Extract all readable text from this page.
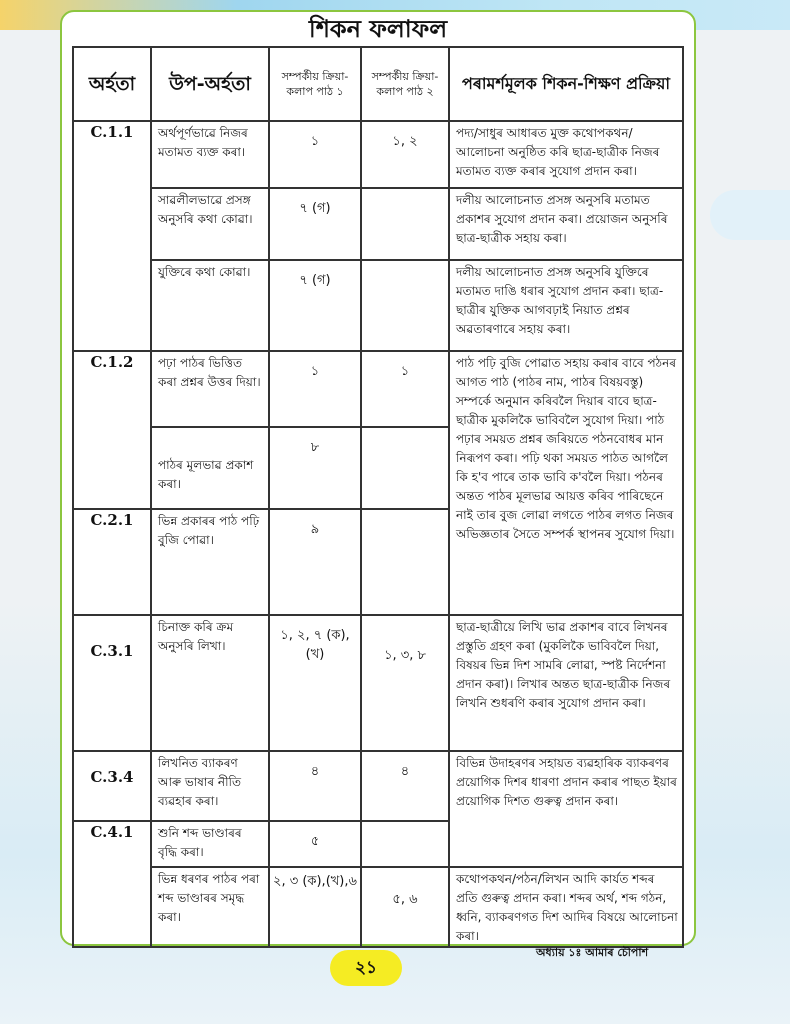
শিকন ফলাফল
অৰ্হতা	উপ-অৰ্হতা	সম্পৰ্কীয় ক্ৰিয়া-কলাপ পাঠ ১	সম্পৰ্কীয় ক্ৰিয়া-কলাপ পাঠ ২	পৰামৰ্শমূলক শিকন-শিক্ষণ প্ৰক্ৰিয়া
C.1.1	অৰ্থপূৰ্ণভাৱে নিজৰ মতামত ব্যক্ত কৰা।	১	১, ২	পদ্য/সাধুৰ আধাৰত মুক্ত কথোপকথন/ আলোচনা অনুষ্ঠিত কৰি ছাত্ৰ-ছাত্ৰীক নিজৰ মতামত ব্যক্ত কৰাৰ সুযোগ প্ৰদান কৰা।
	সাৱলীলভাৱে প্ৰসঙ্গ অনুসৰি কথা কোৱা।	৭ (গ)		দলীয় আলোচনাত প্ৰসঙ্গ অনুসৰি মতামত প্ৰকাশৰ সুযোগ প্ৰদান কৰা। প্ৰয়োজন অনুসৰি ছাত্ৰ-ছাত্ৰীক সহায় কৰা।
	যুক্তিৰে কথা কোৱা।	৭ (গ)		দলীয় আলোচনাত প্ৰসঙ্গ অনুসৰি যুক্তিৰে মতামত দাঙি ধৰাৰ সুযোগ প্ৰদান কৰা। ছাত্ৰ-ছাত্ৰীৰ যুক্তিক আগবঢ়াই নিয়াত প্ৰশ্নৰ অৱতাৰণাৰে সহায় কৰা।
C.1.2	পঢ়া পাঠৰ ভিত্তিত কৰা প্ৰশ্নৰ উত্তৰ দিয়া।	১	১	পাঠ পঢ়ি বুজি পোৱাত সহায় কৰাৰ বাবে পঠনৰ আগত পাঠ (পাঠৰ নাম, পাঠৰ বিষয়বস্তু) সম্পৰ্কে অনুমান কৰিবলৈ দিয়াৰ বাবে ছাত্ৰ-ছাত্ৰীক মুকলিকৈ ভাবিবলৈ সুযোগ দিয়া। পাঠ পঢ়াৰ সময়ত প্ৰশ্নৰ জৰিয়তে পঠনবোধৰ মান নিৰূপণ কৰা। পঢ়ি থকা সময়ত পাঠত আগলৈ কি হ'ব পাৰে তাক ভাবি ক'বলৈ দিয়া। পঠনৰ অন্তত পাঠৰ মূলভাৱ আয়ত্ত কৰিব পাৰিছেনে নাই তাৰ বুজ লোৱা লগতে পাঠৰ লগত নিজৰ অভিজ্ঞতাৰ সৈতে সম্পৰ্ক স্থাপনৰ সুযোগ দিয়া।
	পাঠৰ মূলভাৱ প্ৰকাশ কৰা।	৮		
C.2.1	ভিন্ন প্ৰকাৰৰ পাঠ পঢ়ি বুজি পোৱা।	৯		
C.3.1	চিনাক্ত কৰি ক্ৰম অনুসৰি লিখা।	১, ২, ৭ (ক), (খ)	১, ৩, ৮	ছাত্ৰ-ছাত্ৰীয়ে লিখি ভাৱ প্ৰকাশৰ বাবে লিখনৰ প্ৰস্তুতি গ্ৰহণ কৰা (মুকলিকৈ ভাবিবলৈ দিয়া, বিষয়ৰ ভিন্ন দিশ সামৰি লোৱা, স্পষ্ট নিৰ্দেশনা প্ৰদান কৰা)। লিখাৰ অন্তত ছাত্ৰ-ছাত্ৰীক নিজৰ লিখনি শুধৰণি কৰাৰ সুযোগ প্ৰদান কৰা।
C.3.4	লিখনিত ব্যাকৰণ আৰু ভাষাৰ নীতি ব্যৱহাৰ কৰা।	৪	৪	বিভিন্ন উদাহৰণৰ সহায়ত ব্যৱহাৰিক ব্যাকৰণৰ প্ৰয়োগিক দিশৰ ধাৰণা প্ৰদান কৰাৰ পাছত ইয়াৰ প্ৰয়োগিক দিশত গুৰুত্ব প্ৰদান কৰা।
C.4.1	শুনি শব্দ ভাণ্ডাৰৰ বৃদ্ধি কৰা।	৫		
	ভিন্ন ধৰণৰ পাঠৰ পৰা শব্দ ভাণ্ডাৰৰ সমৃদ্ধ কৰা।	২, ৩ (ক),(খ),৬	৫, ৬	কথোপকথন/পঠন/লিখন আদি কাৰ্যত শব্দৰ প্ৰতি গুৰুত্ব প্ৰদান কৰা। শব্দৰ অৰ্থ, শব্দ গঠন, ধ্বনি, ব্যাকৰণগত দিশ আদিৰ বিষয়ে আলোচনা কৰা।
২১
অধ্যায় ১ঃ আমাৰ চৌপাশ
